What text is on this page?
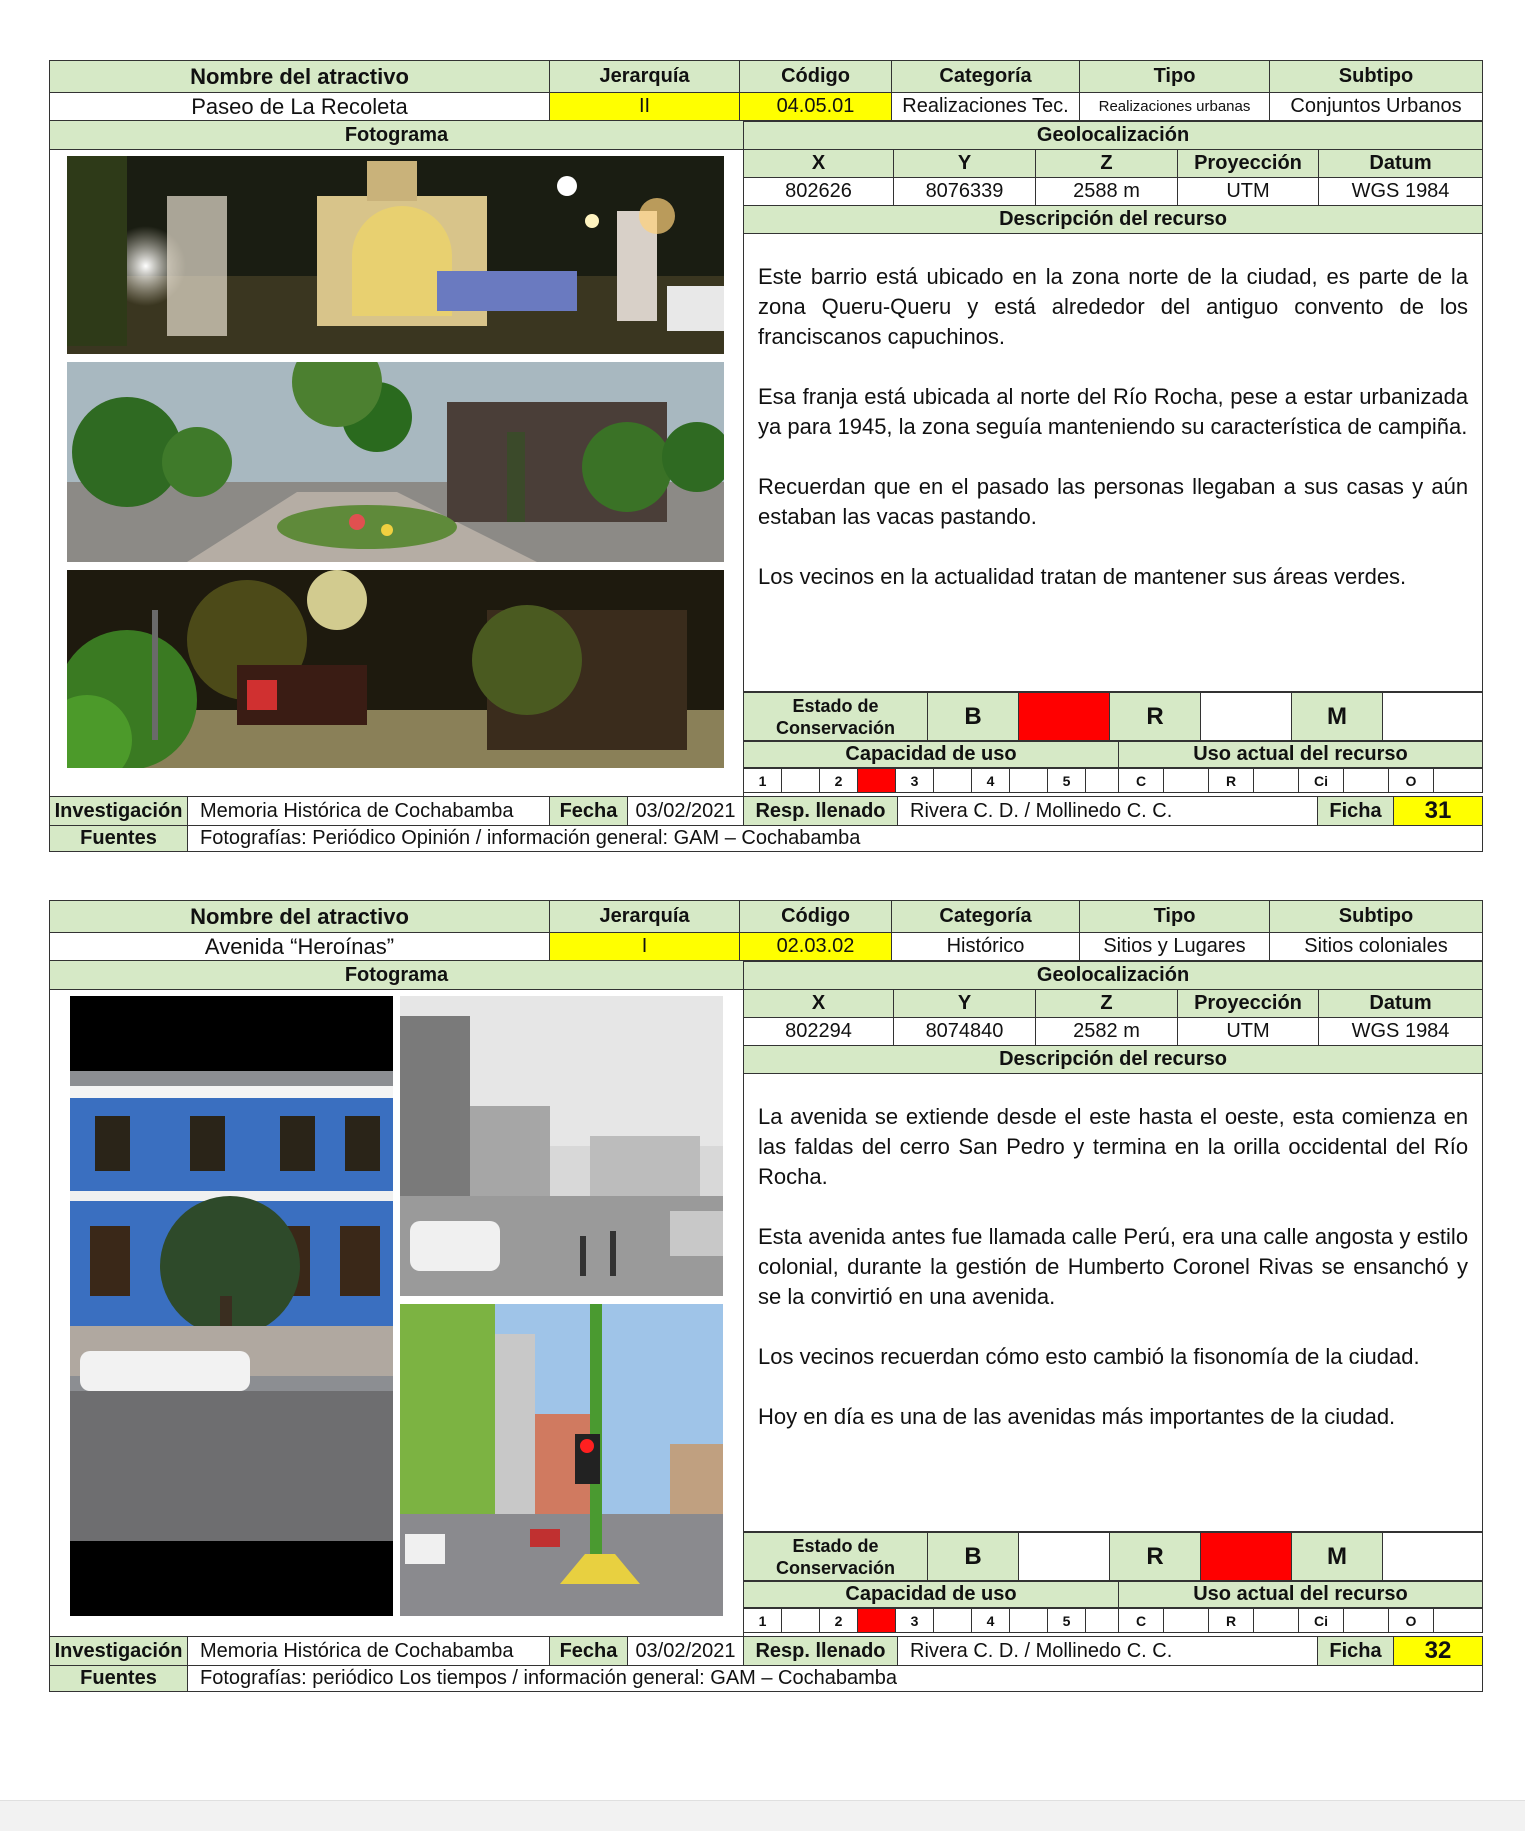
Nombre del atractivo	Jerarquía	Código	Categoría	Tipo	Subtipo
Paseo de La Recoleta	II	04.05.01	Realizaciones Tec.	Realizaciones urbanas	Conjuntos Urbanos
Fotograma	Geolocalización				
X	Y	Z	Proyección	Datum
802626	8076339	2588 m	UTM	WGS 1984
Descripción del recurso				

Este barrio está ubicado en la zona norte de la ciudad, es parte de la zona Queru-Queru y está alrededor del antiguo convento de los franciscanos capuchinos.

Esa franja está ubicada al norte del Río Rocha, pese a estar urbanizada ya para 1945, la zona seguía manteniendo su característica de campiña.

Recuerdan que en el pasado las personas llegaban a sus casas y aún estaban las vacas pastando.

Los vecinos en la actualidad tratan de mantener sus áreas verdes.				

Estado de
Conservación	B		R		M	
Capacidad de uso	Uso actual del recurso
1		2		3		4		5		C		R		Ci		O	
Investigación	Memoria Histórica de Cochabamba	Fecha	03/02/2021	Resp. llenado	Rivera C. D. / Mollinedo C. C.	Ficha	31
Fuentes	Fotografías: Periódico Opinión / información general: GAM – Cochabamba						
Nombre del atractivo	Jerarquía	Código	Categoría	Tipo	Subtipo
Avenida “Heroínas”	I	02.03.02	Histórico	Sitios y Lugares	Sitios coloniales
Fotograma	Geolocalización				
X	Y	Z	Proyección	Datum
802294	8074840	2582 m	UTM	WGS 1984
Descripción del recurso				

La avenida se extiende desde el este hasta el oeste, esta comienza en las faldas del cerro San Pedro y termina en la orilla occidental del Río Rocha.

Esta avenida antes fue llamada calle Perú, era una calle angosta y estilo colonial, durante la gestión de Humberto Coronel Rivas se ensanchó y se la convirtió en una avenida.

Los vecinos recuerdan cómo esto cambió la fisonomía de la ciudad.

Hoy en día es una de las avenidas más importantes de la ciudad.				

Estado de
Conservación	B		R		M	
Capacidad de uso	Uso actual del recurso
1		2		3		4		5		C		R		Ci		O	
Investigación	Memoria Histórica de Cochabamba	Fecha	03/02/2021	Resp. llenado	Rivera C. D. / Mollinedo C. C.	Ficha	32
Fuentes	Fotografías: periódico Los tiempos / información general: GAM – Cochabamba						
